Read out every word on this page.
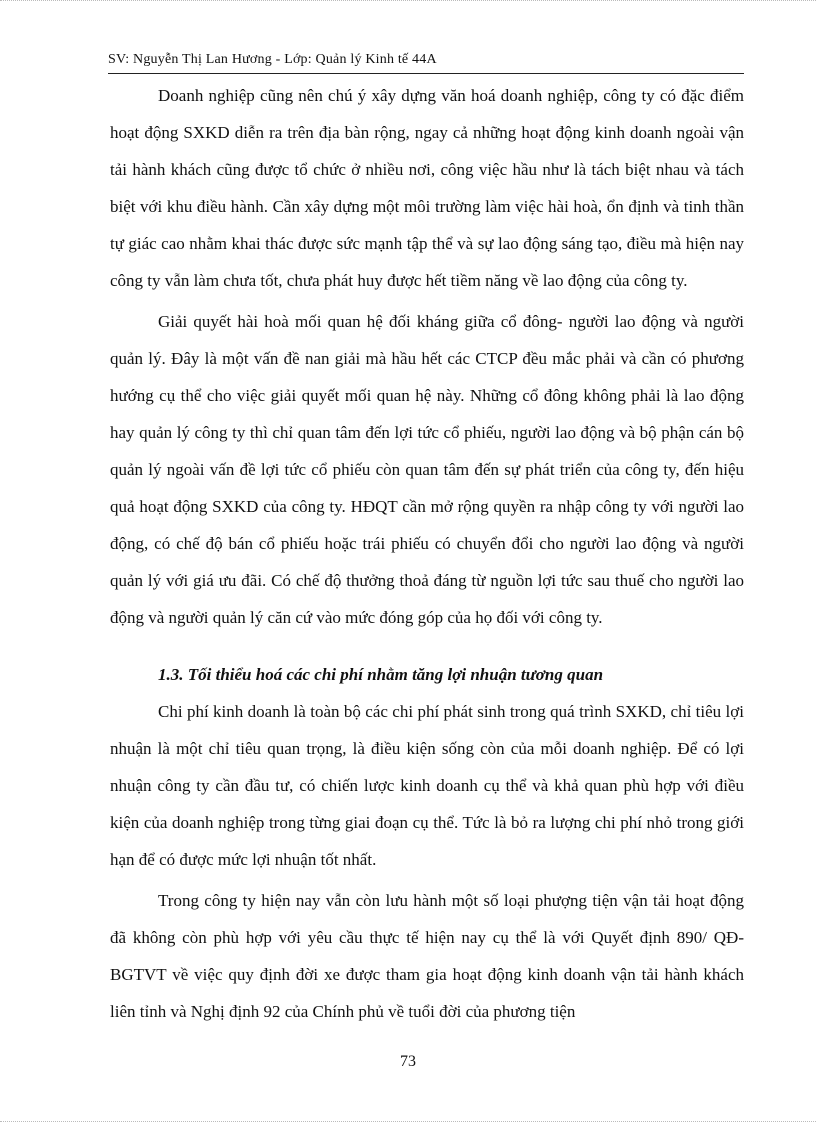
SV: Nguyễn Thị Lan Hương - Lớp: Quản lý Kinh tế 44A

Doanh nghiệp cũng nên chú ý xây dựng văn hoá doanh nghiệp, công ty có đặc điểm hoạt động SXKD diễn ra trên địa bàn rộng, ngay cả những hoạt động kinh doanh ngoài vận tải hành khách cũng được tổ chức ở nhiều nơi, công việc hầu như là tách biệt nhau và tách biệt với khu điều hành. Cần xây dựng một môi trường làm việc hài hoà, ổn định và tinh thần tự giác cao nhằm khai thác được sức mạnh tập thể và sự lao động sáng tạo, điều mà hiện nay công ty vẫn làm chưa tốt, chưa phát huy được hết tiềm năng về lao động của công ty.

Giải quyết hài hoà mối quan hệ đối kháng giữa cổ đông- người lao động và người quản lý. Đây là một vấn đề nan giải mà hầu hết các CTCP đều mắc phải và cần có phương hướng cụ thể cho việc giải quyết mối quan hệ này. Những cổ đông không phải là lao động hay quản lý công ty thì chỉ quan tâm đến lợi tức cổ phiếu, người lao động và bộ phận cán bộ quản lý ngoài vấn đề lợi tức cổ phiếu còn quan tâm đến sự phát triển của công ty, đến hiệu quả hoạt động SXKD của công ty. HĐQT cần mở rộng quyền ra nhập công ty với người lao động, có chế độ bán cổ phiếu hoặc trái phiếu có chuyển đổi cho người lao động và người quản lý với giá ưu đãi. Có chế độ thưởng thoả đáng từ nguồn lợi tức sau thuế cho người lao động và người quản lý căn cứ vào mức đóng góp của họ đối với công ty.

1.3. Tối thiểu hoá các chi phí nhằm tăng lợi nhuận tương quan

Chi phí kinh doanh là toàn bộ các chi phí phát sinh trong quá trình SXKD, chỉ tiêu lợi nhuận là một chỉ tiêu quan trọng, là điều kiện sống còn của mỗi doanh nghiệp. Để có lợi nhuận công ty cần đầu tư, có chiến lược kinh doanh cụ thể và khả quan phù hợp với điều kiện của doanh nghiệp trong từng giai đoạn cụ thể. Tức là bỏ ra lượng chi phí nhỏ trong giới hạn để có được mức lợi nhuận tốt nhất.

Trong công ty hiện nay vẫn còn lưu hành một số loại phượng tiện vận tải hoạt động đã không còn phù hợp với yêu cầu thực tế hiện nay cụ thể là với Quyết định 890/ QĐ-BGTVT về việc quy định đời xe được tham gia hoạt động kinh doanh vận tải hành khách liên tỉnh và Nghị định 92 của Chính phủ về tuổi đời của phương tiện

73
